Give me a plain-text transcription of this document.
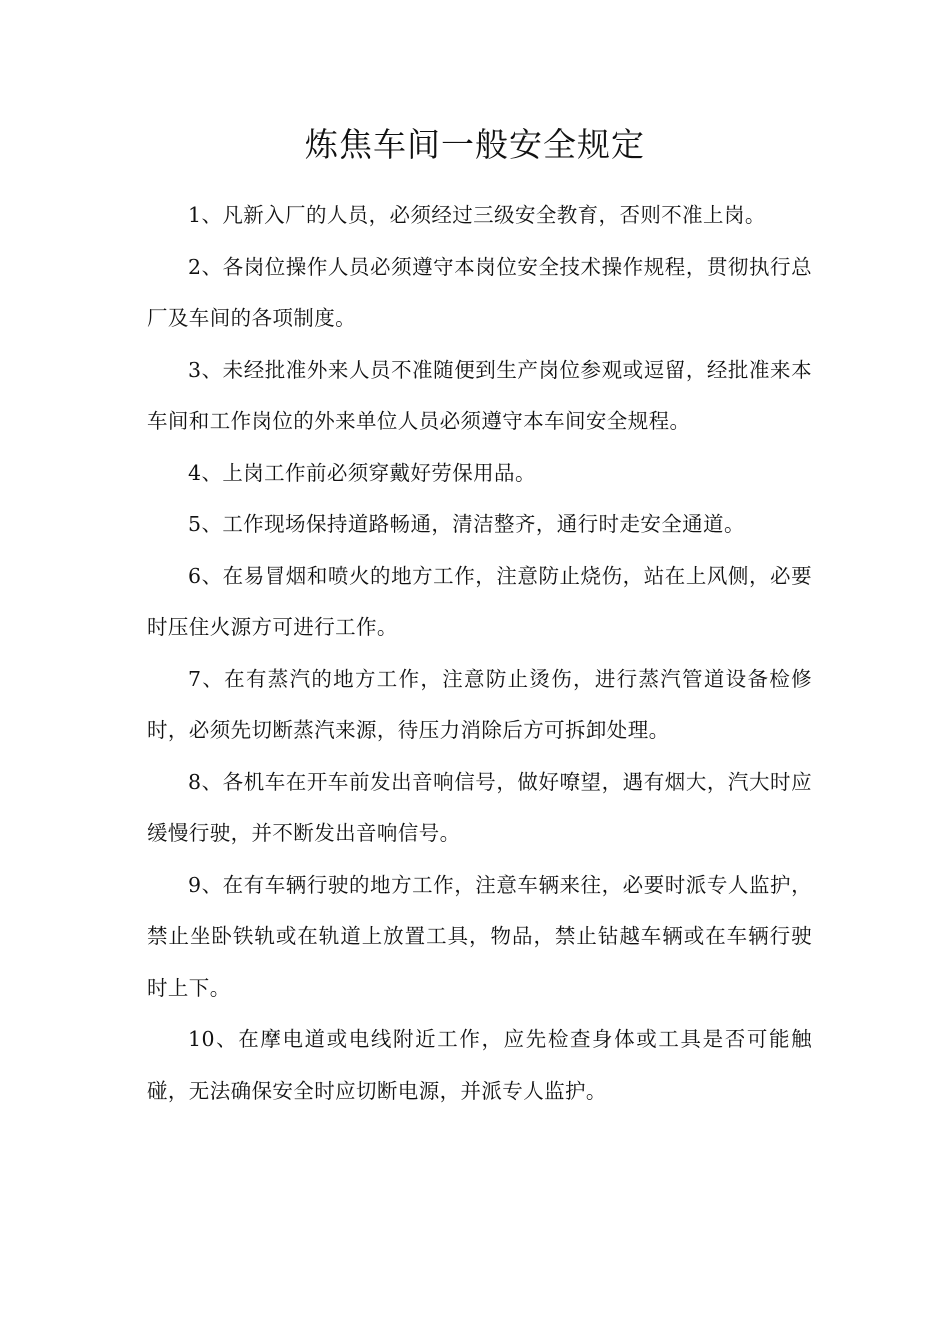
炼焦车间一般安全规定

1、凡新入厂的人员，必须经过三级安全教育，否则不准上岗。

2、各岗位操作人员必须遵守本岗位安全技术操作规程，贯彻执行总厂及车间的各项制度。

3、未经批准外来人员不准随便到生产岗位参观或逗留，经批准来本车间和工作岗位的外来单位人员必须遵守本车间安全规程。

4、上岗工作前必须穿戴好劳保用品。

5、工作现场保持道路畅通，清洁整齐，通行时走安全通道。

6、在易冒烟和喷火的地方工作，注意防止烧伤，站在上风侧，必要时压住火源方可进行工作。

7、在有蒸汽的地方工作，注意防止烫伤，进行蒸汽管道设备检修时，必须先切断蒸汽来源，待压力消除后方可拆卸处理。

8、各机车在开车前发出音响信号，做好嘹望，遇有烟大，汽大时应缓慢行驶，并不断发出音响信号。

9、在有车辆行驶的地方工作，注意车辆来往，必要时派专人监护，禁止坐卧铁轨或在轨道上放置工具，物品，禁止钻越车辆或在车辆行驶时上下。

10、在摩电道或电线附近工作，应先检查身体或工具是否可能触碰，无法确保安全时应切断电源，并派专人监护。
